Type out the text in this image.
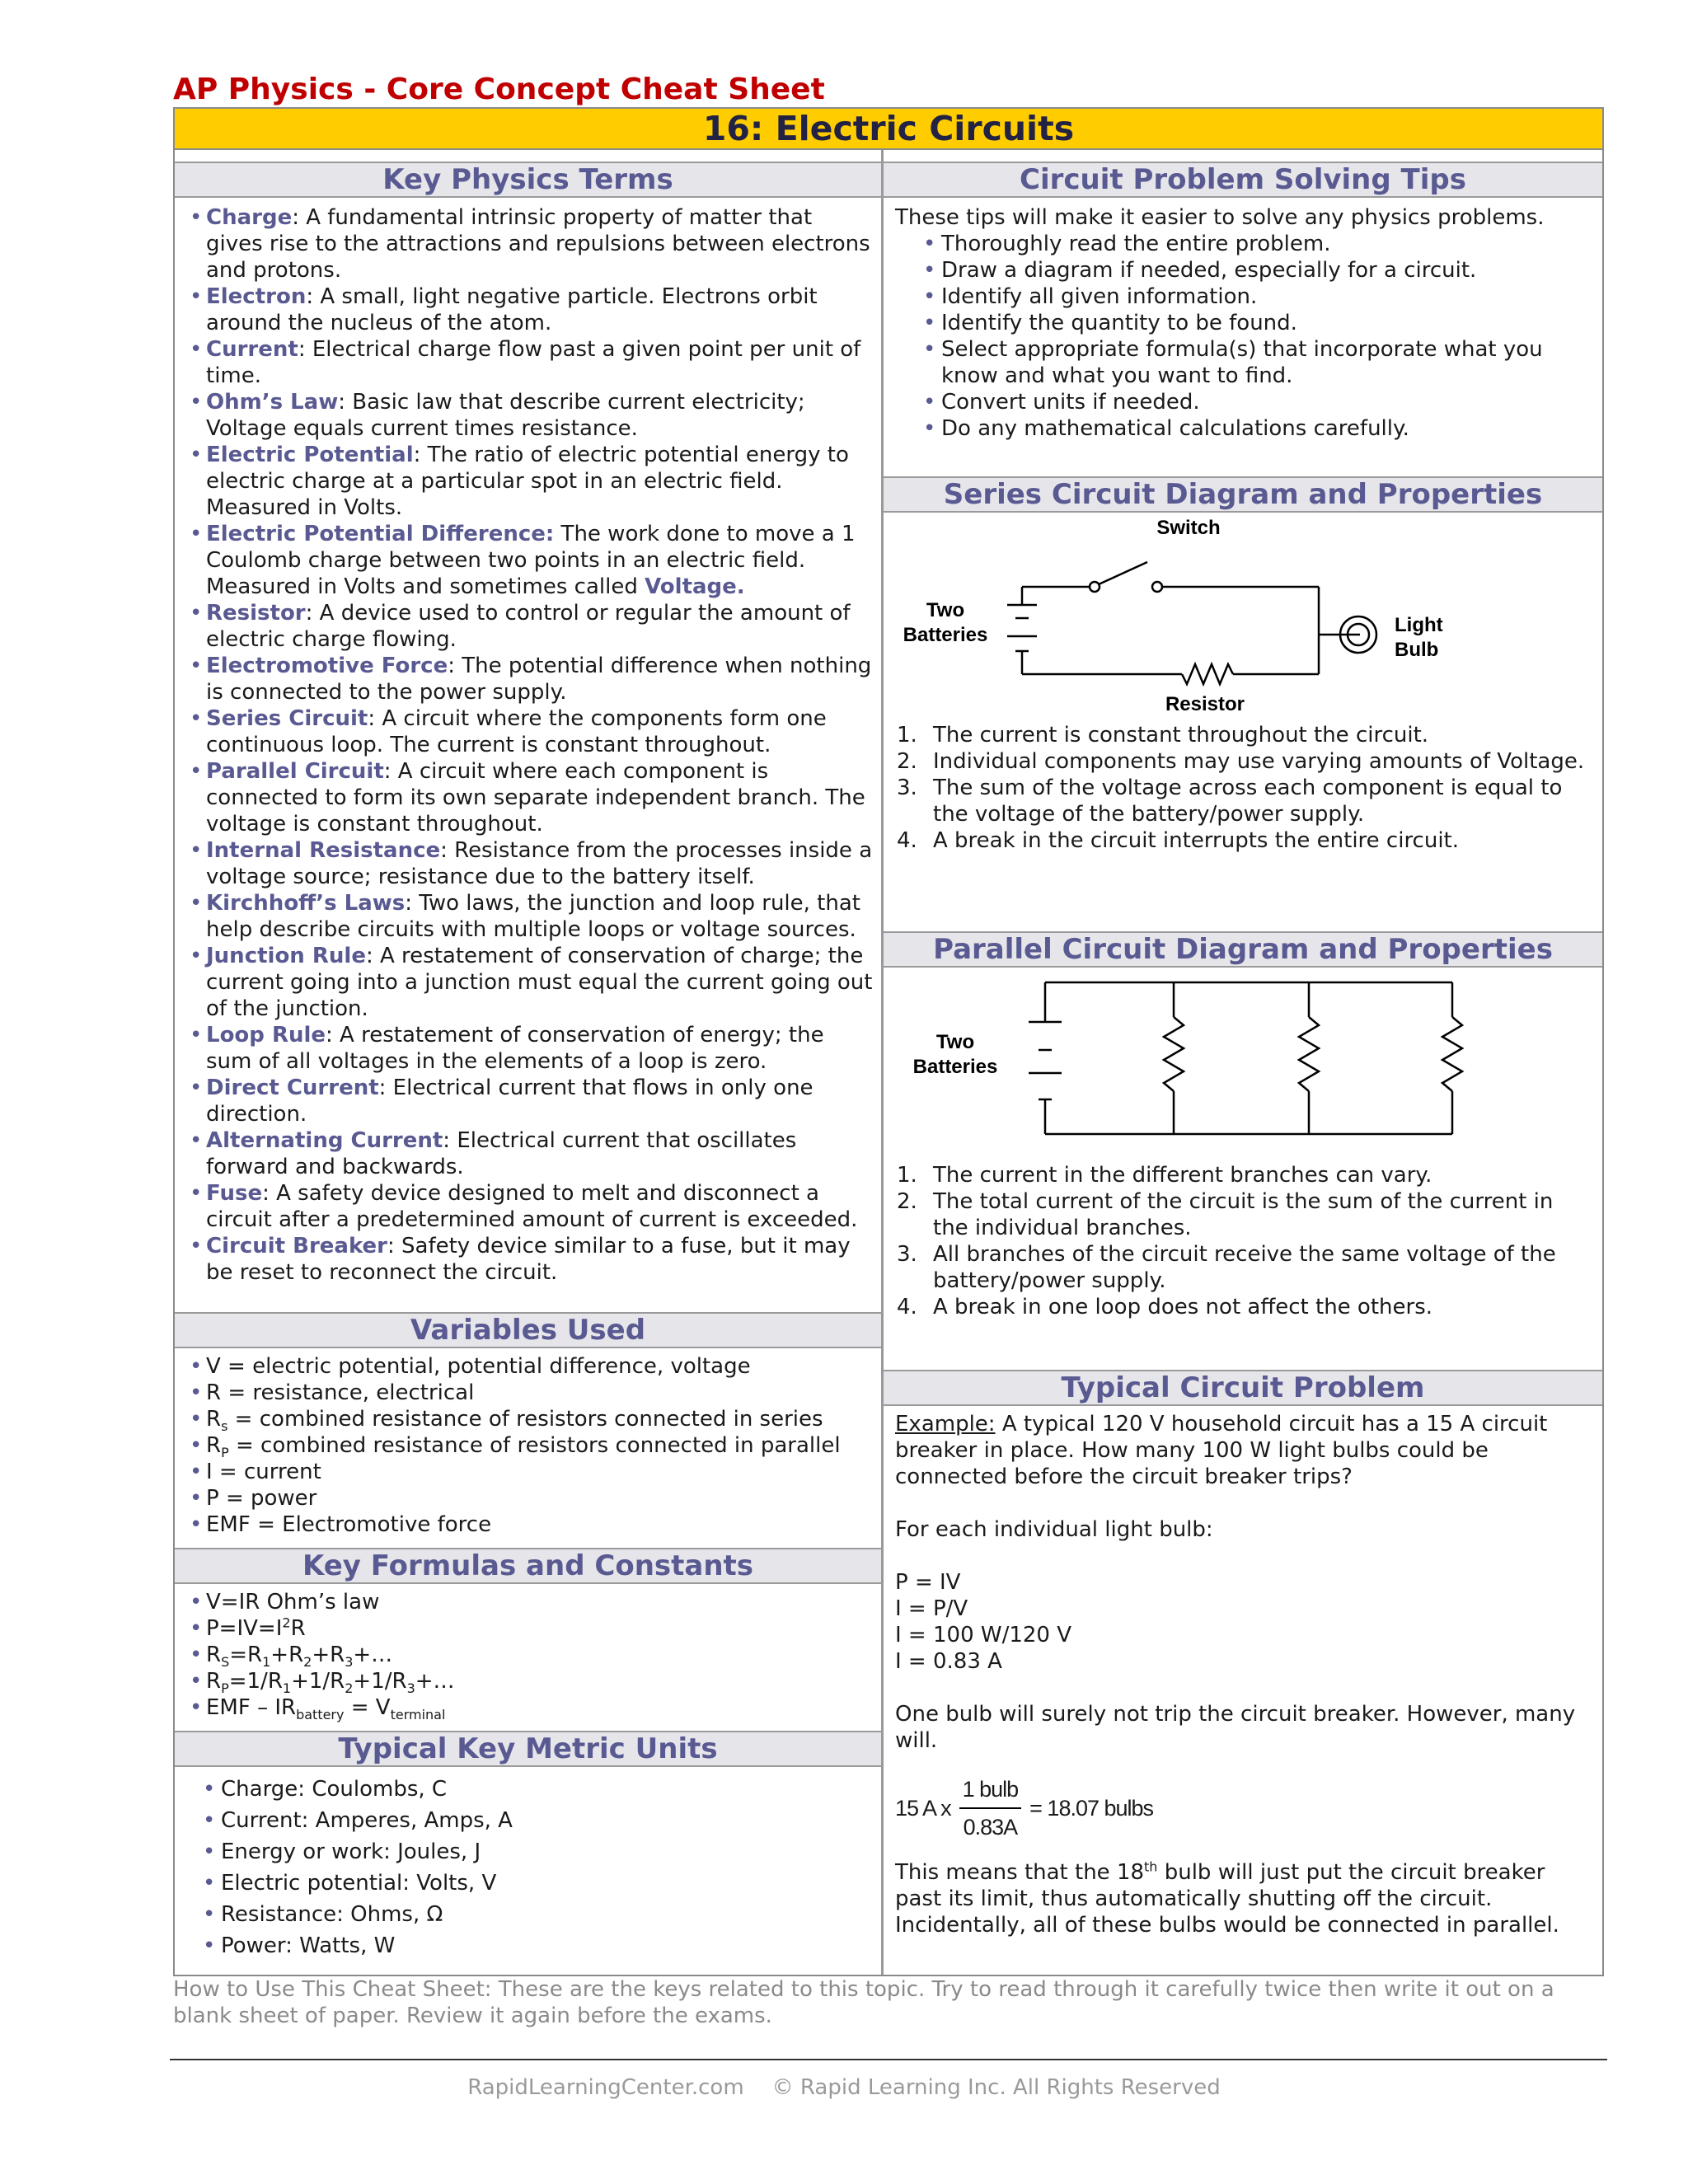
AP Physics - Core Concept Cheat Sheet
16: Electric Circuits
Key Physics Terms
• Charge: A fundamental intrinsic property of matter that gives rise to the attractions and repulsions between electrons and protons.
• Electron: A small, light negative particle. Electrons orbit around the nucleus of the atom.
• Current: Electrical charge flow past a given point per unit of time.
• Ohm’s Law: Basic law that describe current electricity; Voltage equals current times resistance.
• Electric Potential: The ratio of electric potential energy to electric charge at a particular spot in an electric field. Measured in Volts.
• Electric Potential Difference: The work done to move a 1 Coulomb charge between two points in an electric field. Measured in Volts and sometimes called Voltage.
• Resistor: A device used to control or regular the amount of electric charge flowing.
• Electromotive Force: The potential difference when nothing is connected to the power supply.
• Series Circuit: A circuit where the components form one continuous loop. The current is constant throughout.
• Parallel Circuit: A circuit where each component is connected to form its own separate independent branch. The voltage is constant throughout.
• Internal Resistance: Resistance from the processes inside a voltage source; resistance due to the battery itself.
• Kirchhoff’s Laws: Two laws, the junction and loop rule, that help describe circuits with multiple loops or voltage sources.
• Junction Rule: A restatement of conservation of charge; the current going into a junction must equal the current going out of the junction.
• Loop Rule: A restatement of conservation of energy; the sum of all voltages in the elements of a loop is zero.
• Direct Current: Electrical current that flows in only one direction.
• Alternating Current: Electrical current that oscillates forward and backwards.
• Fuse: A safety device designed to melt and disconnect a circuit after a predetermined amount of current is exceeded.
• Circuit Breaker: Safety device similar to a fuse, but it may be reset to reconnect the circuit.
Variables Used
• V = electric potential, potential difference, voltage
• R = resistance, electrical
• $R_s$ = combined resistance of resistors connected in series
• $R_P$ = combined resistance of resistors connected in parallel
• I = current
• P = power
• EMF = Electromotive force
Key Formulas and Constants
• V=IR Ohm’s law
• $P=IV=I^2R$
• $R_S=R_1+R_2+R_3+\dots$
• $R_P=1/R_1+1/R_2+1/R_3+\dots$
• EMF – $IR_{battery} = V_{terminal}$
Typical Key Metric Units
• Charge: Coulombs, C
• Current: Amperes, Amps, A
• Energy or work: Joules, J
• Electric potential: Volts, V
• Resistance: Ohms, Ω
• Power: Watts, W
Circuit Problem Solving Tips
These tips will make it easier to solve any physics problems.
• Thoroughly read the entire problem.
• Draw a diagram if needed, especially for a circuit.
• Identify all given information.
• Identify the quantity to be found.
• Select appropriate formula(s) that incorporate what you know and what you want to find.
• Convert units if needed.
• Do any mathematical calculations carefully.
Series Circuit Diagram and Properties
Switch
Two
Batteries	Light
Bulb
Resistor
1. The current is constant throughout the circuit.
2. Individual components may use varying amounts of Voltage.
3. The sum of the voltage across each component is equal to the voltage of the battery/power supply.
4. A break in the circuit interrupts the entire circuit.
Parallel Circuit Diagram and Properties
Two
Batteries
1. The current in the different branches can vary.
2. The total current of the circuit is the sum of the current in the individual branches.
3. All branches of the circuit receive the same voltage of the battery/power supply.
4. A break in one loop does not affect the others.
Typical Circuit Problem
Example: A typical 120 V household circuit has a 15 A circuit breaker in place. How many 100 W light bulbs could be connected before the circuit breaker trips?
For each individual light bulb:
P = IV
I = P/V
I = 100 W/120 V
I = 0.83 A
One bulb will surely not trip the circuit breaker. However, many will.
15 A x
1 bulb
0.83A
= 18.07 bulbs
This means that the 18th bulb will just put the circuit breaker past its limit, thus automatically shutting off the circuit. Incidentally, all of these bulbs would be connected in parallel.
How to Use This Cheat Sheet: These are the keys related to this topic. Try to read through it carefully twice then write it out on a blank sheet of paper. Review it again before the exams.
RapidLearningCenter.com © Rapid Learning Inc. All Rights Reserved
